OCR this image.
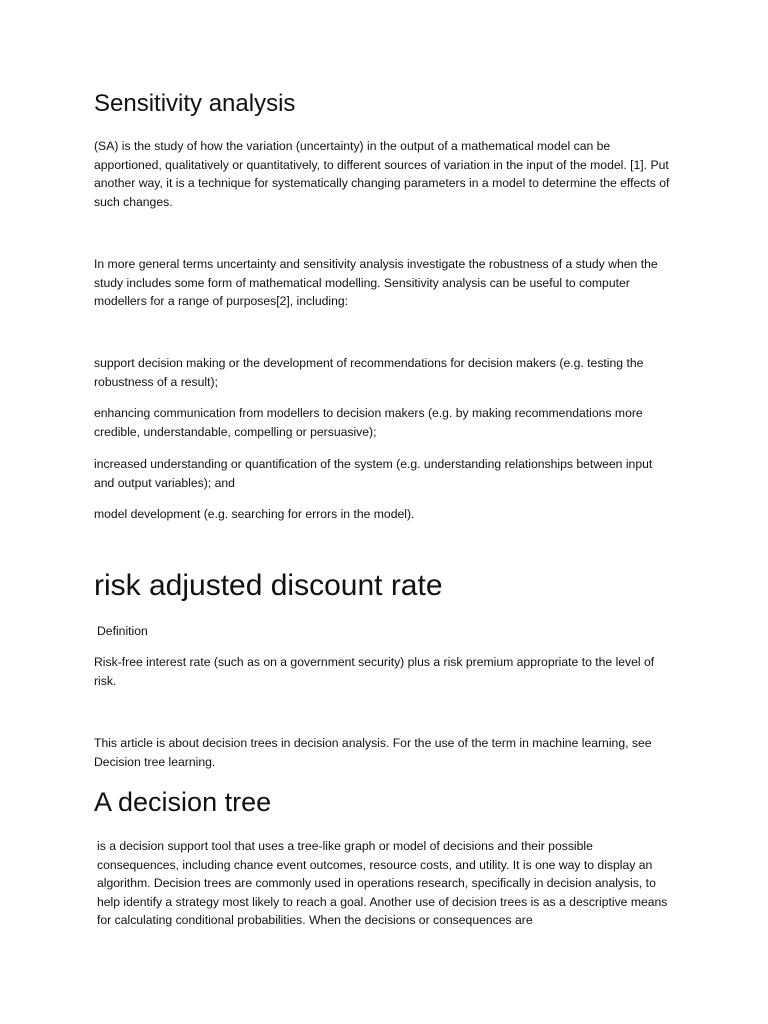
Sensitivity analysis
(SA) is the study of how the variation (uncertainty) in the output of a mathematical model can be apportioned, qualitatively or quantitatively, to different sources of variation in the input of the model. [1]. Put another way, it is a technique for systematically changing parameters in a model to determine the effects of such changes.
In more general terms uncertainty and sensitivity analysis investigate the robustness of a study when the study includes some form of mathematical modelling. Sensitivity analysis can be useful to computer modellers for a range of purposes[2], including:
support decision making or the development of recommendations for decision makers (e.g. testing the robustness of a result);
enhancing communication from modellers to decision makers (e.g. by making recommendations more credible, understandable, compelling or persuasive);
increased understanding or quantification of the system (e.g. understanding relationships between input and output variables); and
model development (e.g. searching for errors in the model).
risk adjusted discount rate
Definition
Risk-free interest rate (such as on a government security) plus a risk premium appropriate to the level of risk.
This article is about decision trees in decision analysis. For the use of the term in machine learning, see Decision tree learning.
A decision tree
is a decision support tool that uses a tree-like graph or model of decisions and their possible consequences, including chance event outcomes, resource costs, and utility. It is one way to display an algorithm. Decision trees are commonly used in operations research, specifically in decision analysis, to help identify a strategy most likely to reach a goal. Another use of decision trees is as a descriptive means for calculating conditional probabilities. When the decisions or consequences are
